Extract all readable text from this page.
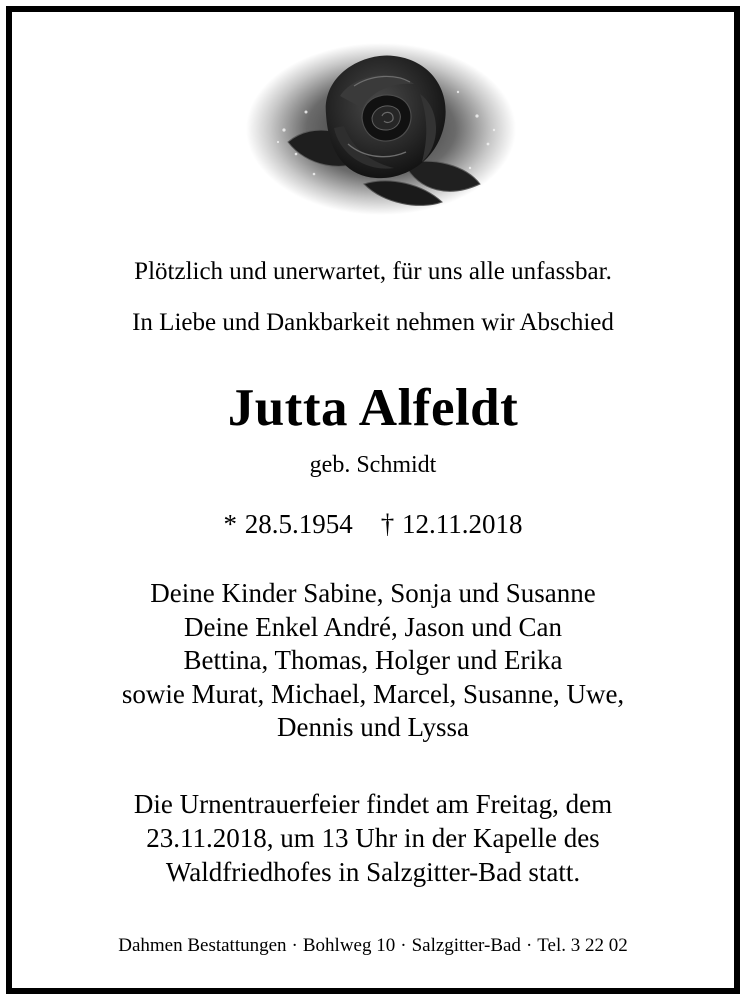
Plötzlich und unerwartet, für uns alle unfassbar.
In Liebe und Dankbarkeit nehmen wir Abschied
Jutta Alfeldt
geb. Schmidt
* 28.5.1954 † 12.11.2018
Deine Kinder Sabine, Sonja und Susanne
Deine Enkel André, Jason und Can
Bettina, Thomas, Holger und Erika
sowie Murat, Michael, Marcel, Susanne, Uwe,
Dennis und Lyssa
Die Urnentrauerfeier findet am Freitag, dem
23.11.2018, um 13 Uhr in der Kapelle des
Waldfriedhofes in Salzgitter-Bad statt.
Dahmen Bestattungen · Bohlweg 10 · Salzgitter-Bad · Tel. 3 22 02
